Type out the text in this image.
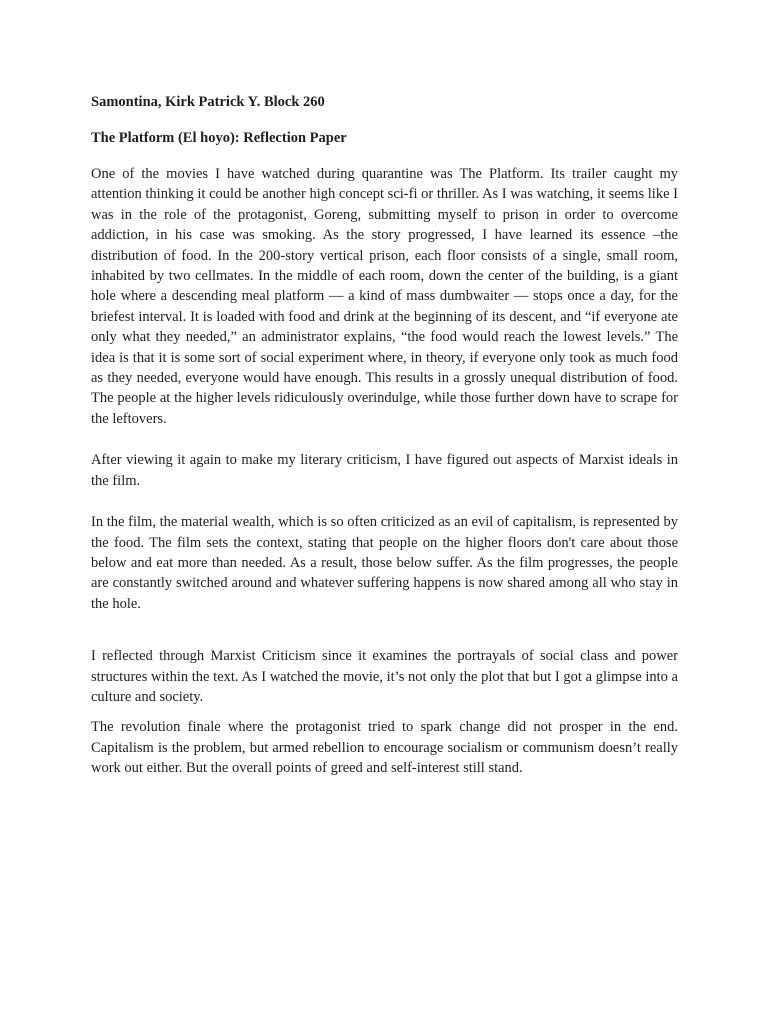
Samontina, Kirk Patrick Y. Block 260

The Platform (El hoyo): Reflection Paper

One of the movies I have watched during quarantine was The Platform. Its trailer caught my attention thinking it could be another high concept sci-fi or thriller. As I was watching, it seems like I was in the role of the protagonist, Goreng, submitting myself to prison in order to overcome addiction, in his case was smoking. As the story progressed, I have learned its essence –the distribution of food. In the 200-story vertical prison, each floor consists of a single, small room, inhabited by two cellmates. In the middle of each room, down the center of the building, is a giant hole where a descending meal platform — a kind of mass dumbwaiter — stops once a day, for the briefest interval. It is loaded with food and drink at the beginning of its descent, and “if everyone ate only what they needed,” an administrator explains, “the food would reach the lowest levels.” The idea is that it is some sort of social experiment where, in theory, if everyone only took as much food as they needed, everyone would have enough. This results in a grossly unequal distribution of food. The people at the higher levels ridiculously overindulge, while those further down have to scrape for the leftovers.

After viewing it again to make my literary criticism, I have figured out aspects of Marxist ideals in the film.

In the film, the material wealth, which is so often criticized as an evil of capitalism, is represented by the food. The film sets the context, stating that people on the higher floors don't care about those below and eat more than needed. As a result, those below suffer. As the film progresses, the people are constantly switched around and whatever suffering happens is now shared among all who stay in the hole.

I reflected through Marxist Criticism since it examines the portrayals of social class and power structures within the text. As I watched the movie, it’s not only the plot that but I got a glimpse into a culture and society.

The revolution finale where the protagonist tried to spark change did not prosper in the end. Capitalism is the problem, but armed rebellion to encourage socialism or communism doesn’t really work out either. But the overall points of greed and self-interest still stand.
